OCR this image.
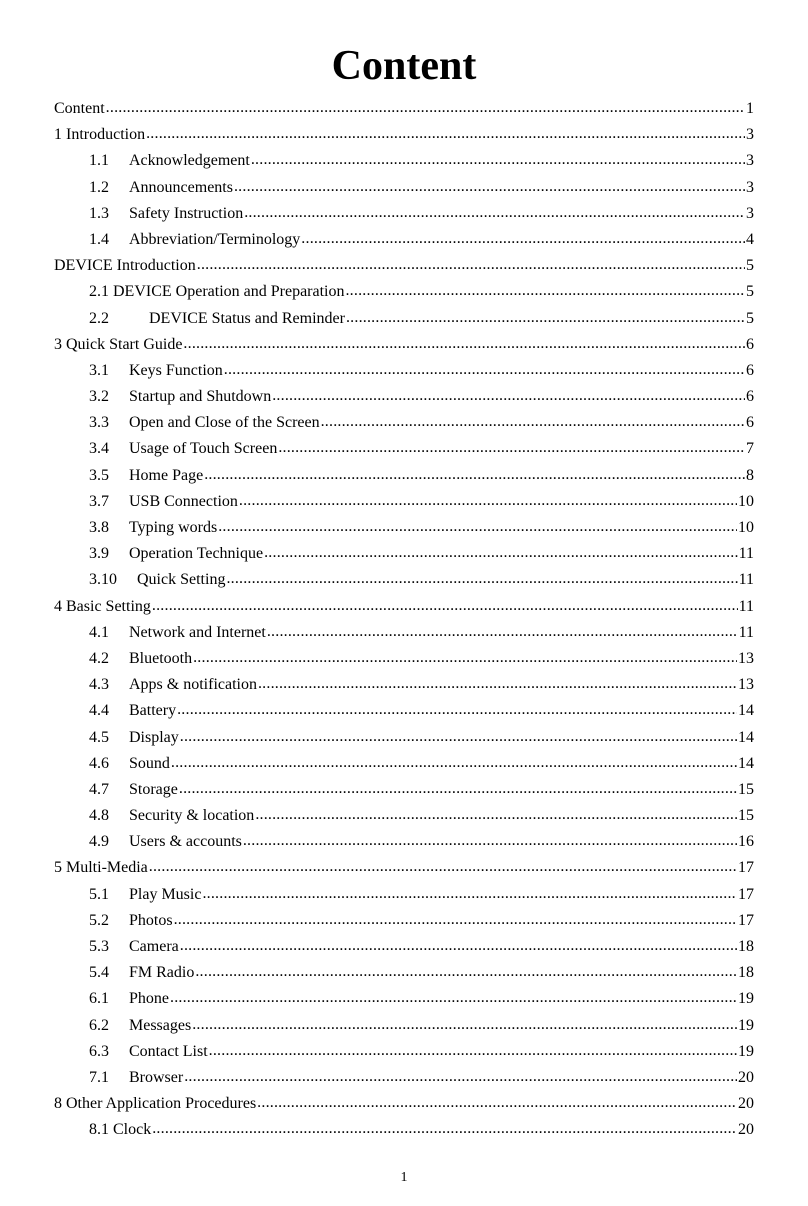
Content
Content .....	1
1 Introduction .....	3
1.1	Acknowledgement .....	3
1.2	Announcements .....	3
1.3	Safety Instruction .....	3
1.4	Abbreviation/Terminology .....	4
DEVICE Introduction .....	5
2.1 DEVICE Operation and Preparation .....	5
2.2	DEVICE Status and Reminder .....	5
3 Quick Start Guide .....	6
3.1	Keys Function .....	6
3.2	Startup and Shutdown .....	6
3.3	Open and Close of the Screen .....	6
3.4	Usage of Touch Screen .....	7
3.5	Home Page .....	8
3.7	USB Connection .....	10
3.8	Typing words .....	10
3.9	Operation Technique .....	11
3.10	Quick Setting .....	11
4 Basic Setting .....	11
4.1	Network and Internet .....	11
4.2	Bluetooth .....	13
4.3	Apps & notification .....	13
4.4	Battery .....	14
4.5	Display .....	14
4.6	Sound .....	14
4.7	Storage .....	15
4.8	Security & location .....	15
4.9	Users & accounts .....	16
5 Multi-Media .....	17
5.1	Play Music .....	17
5.2	Photos .....	17
5.3	Camera .....	18
5.4	FM Radio .....	18
6.1	Phone .....	19
6.2	Messages .....	19
6.3	Contact List .....	19
7.1	Browser .....	20
8 Other Application Procedures .....	20
8.1 Clock .....	20
1
